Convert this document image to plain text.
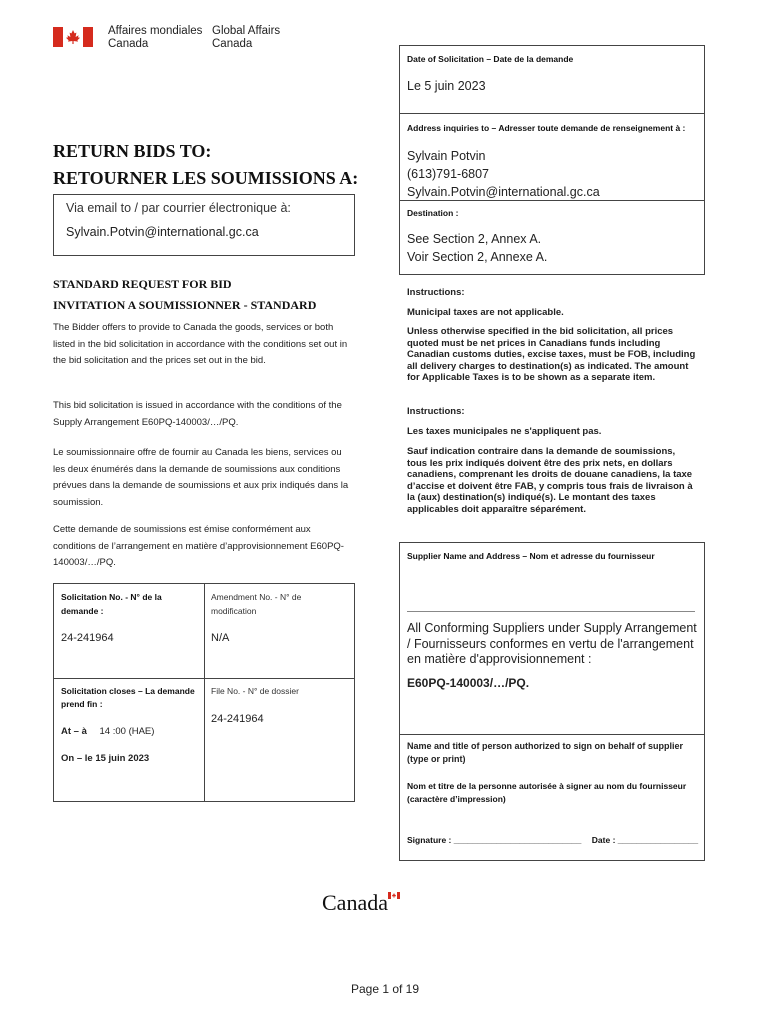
Affaires mondiales
Canada
Global Affairs
Canada
Date of Solicitation – Date de la demande
Le 5 juin 2023
Address inquiries to – Adresser toute demande de renseignement à :
Sylvain Potvin
(613)791-6807
Sylvain.Potvin@international.gc.ca
Destination :
See Section 2, Annex A.
Voir Section 2, Annexe A.
Instructions:
Municipal taxes are not applicable.
Unless otherwise specified in the bid solicitation, all prices quoted must be net prices in Canadians funds including Canadian customs duties, excise taxes, must be FOB, including all delivery charges to destination(s) as indicated. The amount for Applicable Taxes is to be shown as a separate item.
Instructions:
Les taxes municipales ne s'appliquent pas.
Sauf indication contraire dans la demande de soumissions, tous les prix indiqués doivent être des prix nets, en dollars canadiens, comprenant les droits de douane canadiens, la taxe d’accise et doivent être FAB, y compris tous frais de livraison à la (aux) destination(s) indiqué(s). Le montant des taxes applicables doit apparaître séparément.
Supplier Name and Address – Nom et adresse du fournisseur
All Conforming Suppliers under Supply Arrangement / Fournisseurs conformes en vertu de l'arrangement en matière d'approvisionnement :
E60PQ-140003/…/PQ.
Name and title of person authorized to sign on behalf of supplier (type or print)
Nom et titre de la personne autorisée à signer au nom du fournisseur (caractère d’impression)
Signature : ___________________________ Date : _________________
RETURN BIDS TO:
RETOURNER LES SOUMISSIONS A:
Via email to / par courrier électronique à:
Sylvain.Potvin@international.gc.ca
STANDARD REQUEST FOR BID
INVITATION A SOUMISSIONNER - STANDARD
The Bidder offers to provide to Canada the goods, services or both listed in the bid solicitation in accordance with the conditions set out in the bid solicitation and the prices set out in the bid.
This bid solicitation is issued in accordance with the conditions of the Supply Arrangement E60PQ-140003/…/PQ.
Le soumissionnaire offre de fournir au Canada les biens, services ou les deux énumérés dans la demande de soumissions aux conditions prévues dans la demande de soumissions et aux prix indiqués dans la soumission.
Cette demande de soumissions est émise conformément aux conditions de l’arrangement en matière d’approvisionnement E60PQ-140003/…/PQ.
Solicitation No. - N° de la
demande :
24-241964
Amendment No. - N° de
modification
N/A
Solicitation closes – La demande
prend fin :
At – à 14 :00 (HAE)
On – le 15 juin 2023
File No. - N° de dossier
24-241964
Canada
Page 1 of 19
